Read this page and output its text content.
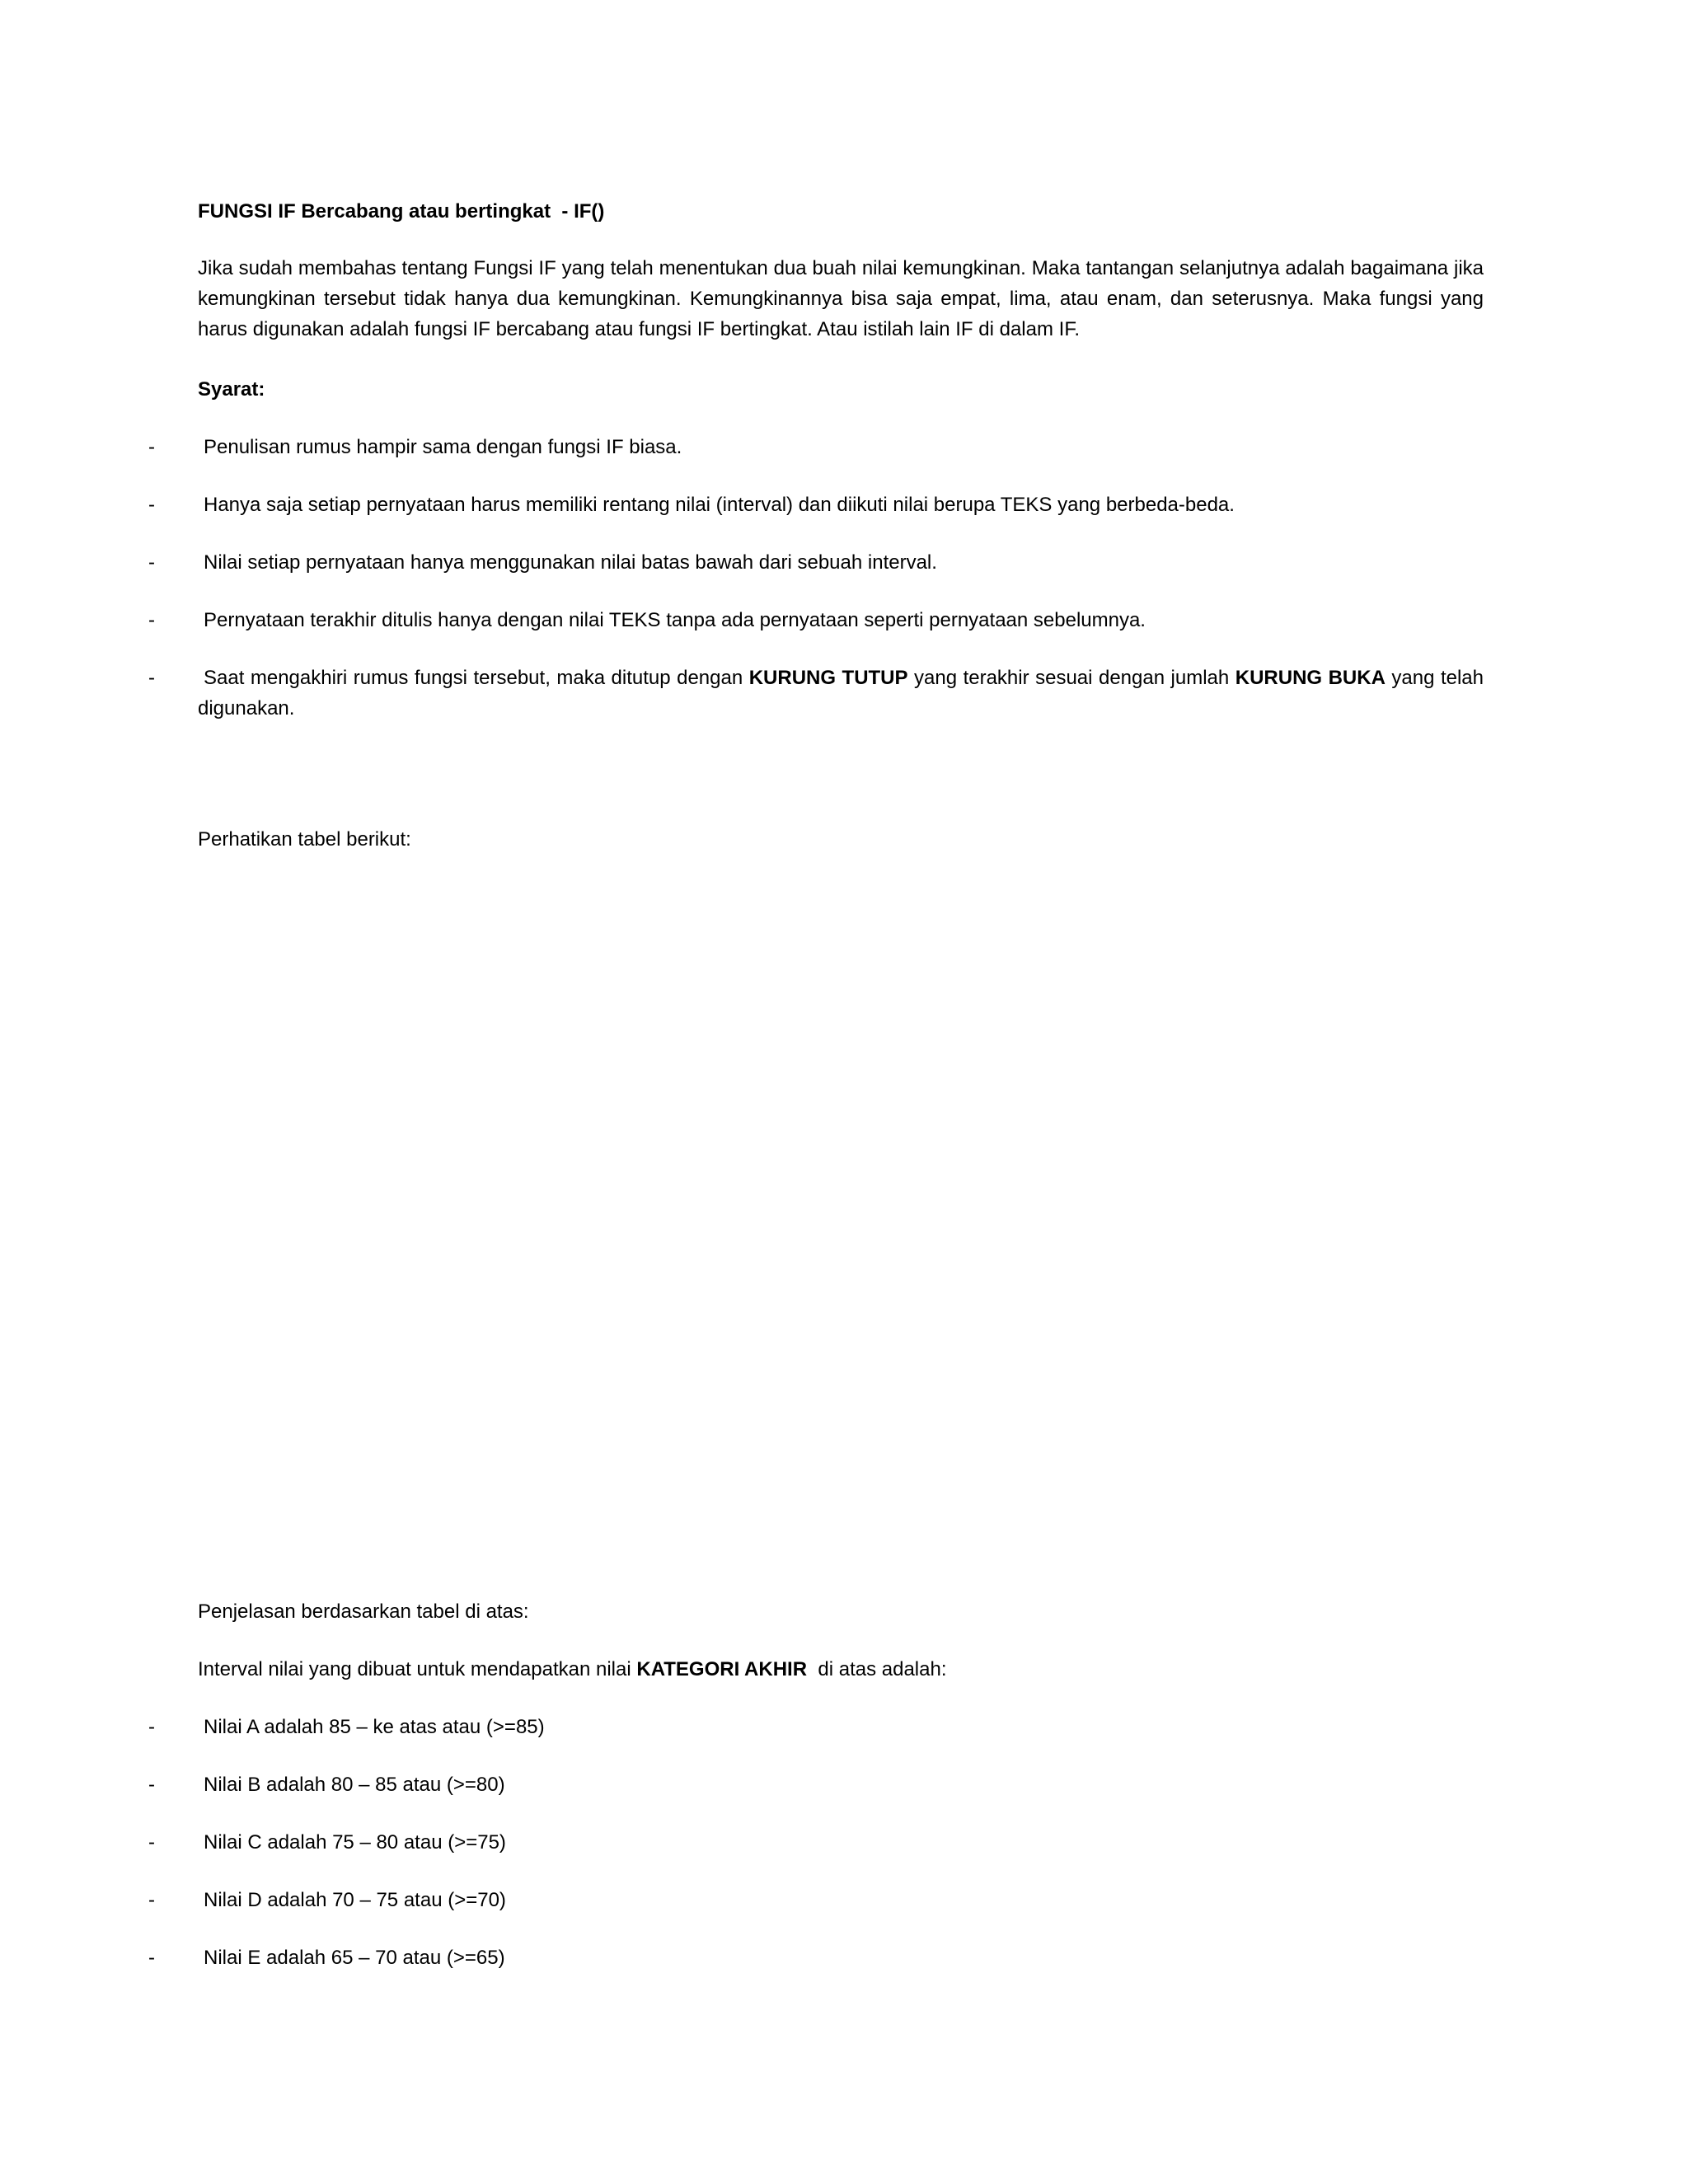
FUNGSI IF Bercabang atau bertingkat  - IF()
Jika sudah membahas tentang Fungsi IF yang telah menentukan dua buah nilai kemungkinan. Maka tantangan selanjutnya adalah bagaimana jika kemungkinan tersebut tidak hanya dua kemungkinan. Kemungkinannya bisa saja empat, lima, atau enam, dan seterusnya. Maka fungsi yang harus digunakan adalah fungsi IF bercabang atau fungsi IF bertingkat. Atau istilah lain IF di dalam IF.
Syarat:
- Penulisan rumus hampir sama dengan fungsi IF biasa.
- Hanya saja setiap pernyataan harus memiliki rentang nilai (interval) dan diikuti nilai berupa TEKS yang berbeda-beda.
- Nilai setiap pernyataan hanya menggunakan nilai batas bawah dari sebuah interval.
- Pernyataan terakhir ditulis hanya dengan nilai TEKS tanpa ada pernyataan seperti pernyataan sebelumnya.
- Saat mengakhiri rumus fungsi tersebut, maka ditutup dengan KURUNG TUTUP yang terakhir sesuai dengan jumlah KURUNG BUKA yang telah digunakan.
Perhatikan tabel berikut:
Penjelasan berdasarkan tabel di atas:
Interval nilai yang dibuat untuk mendapatkan nilai KATEGORI AKHIR  di atas adalah:
- Nilai A adalah 85 – ke atas atau (>=85)
- Nilai B adalah 80 – 85 atau (>=80)
- Nilai C adalah 75 – 80 atau (>=75)
- Nilai D adalah 70 – 75 atau (>=70)
- Nilai E adalah 65 – 70 atau (>=65)
